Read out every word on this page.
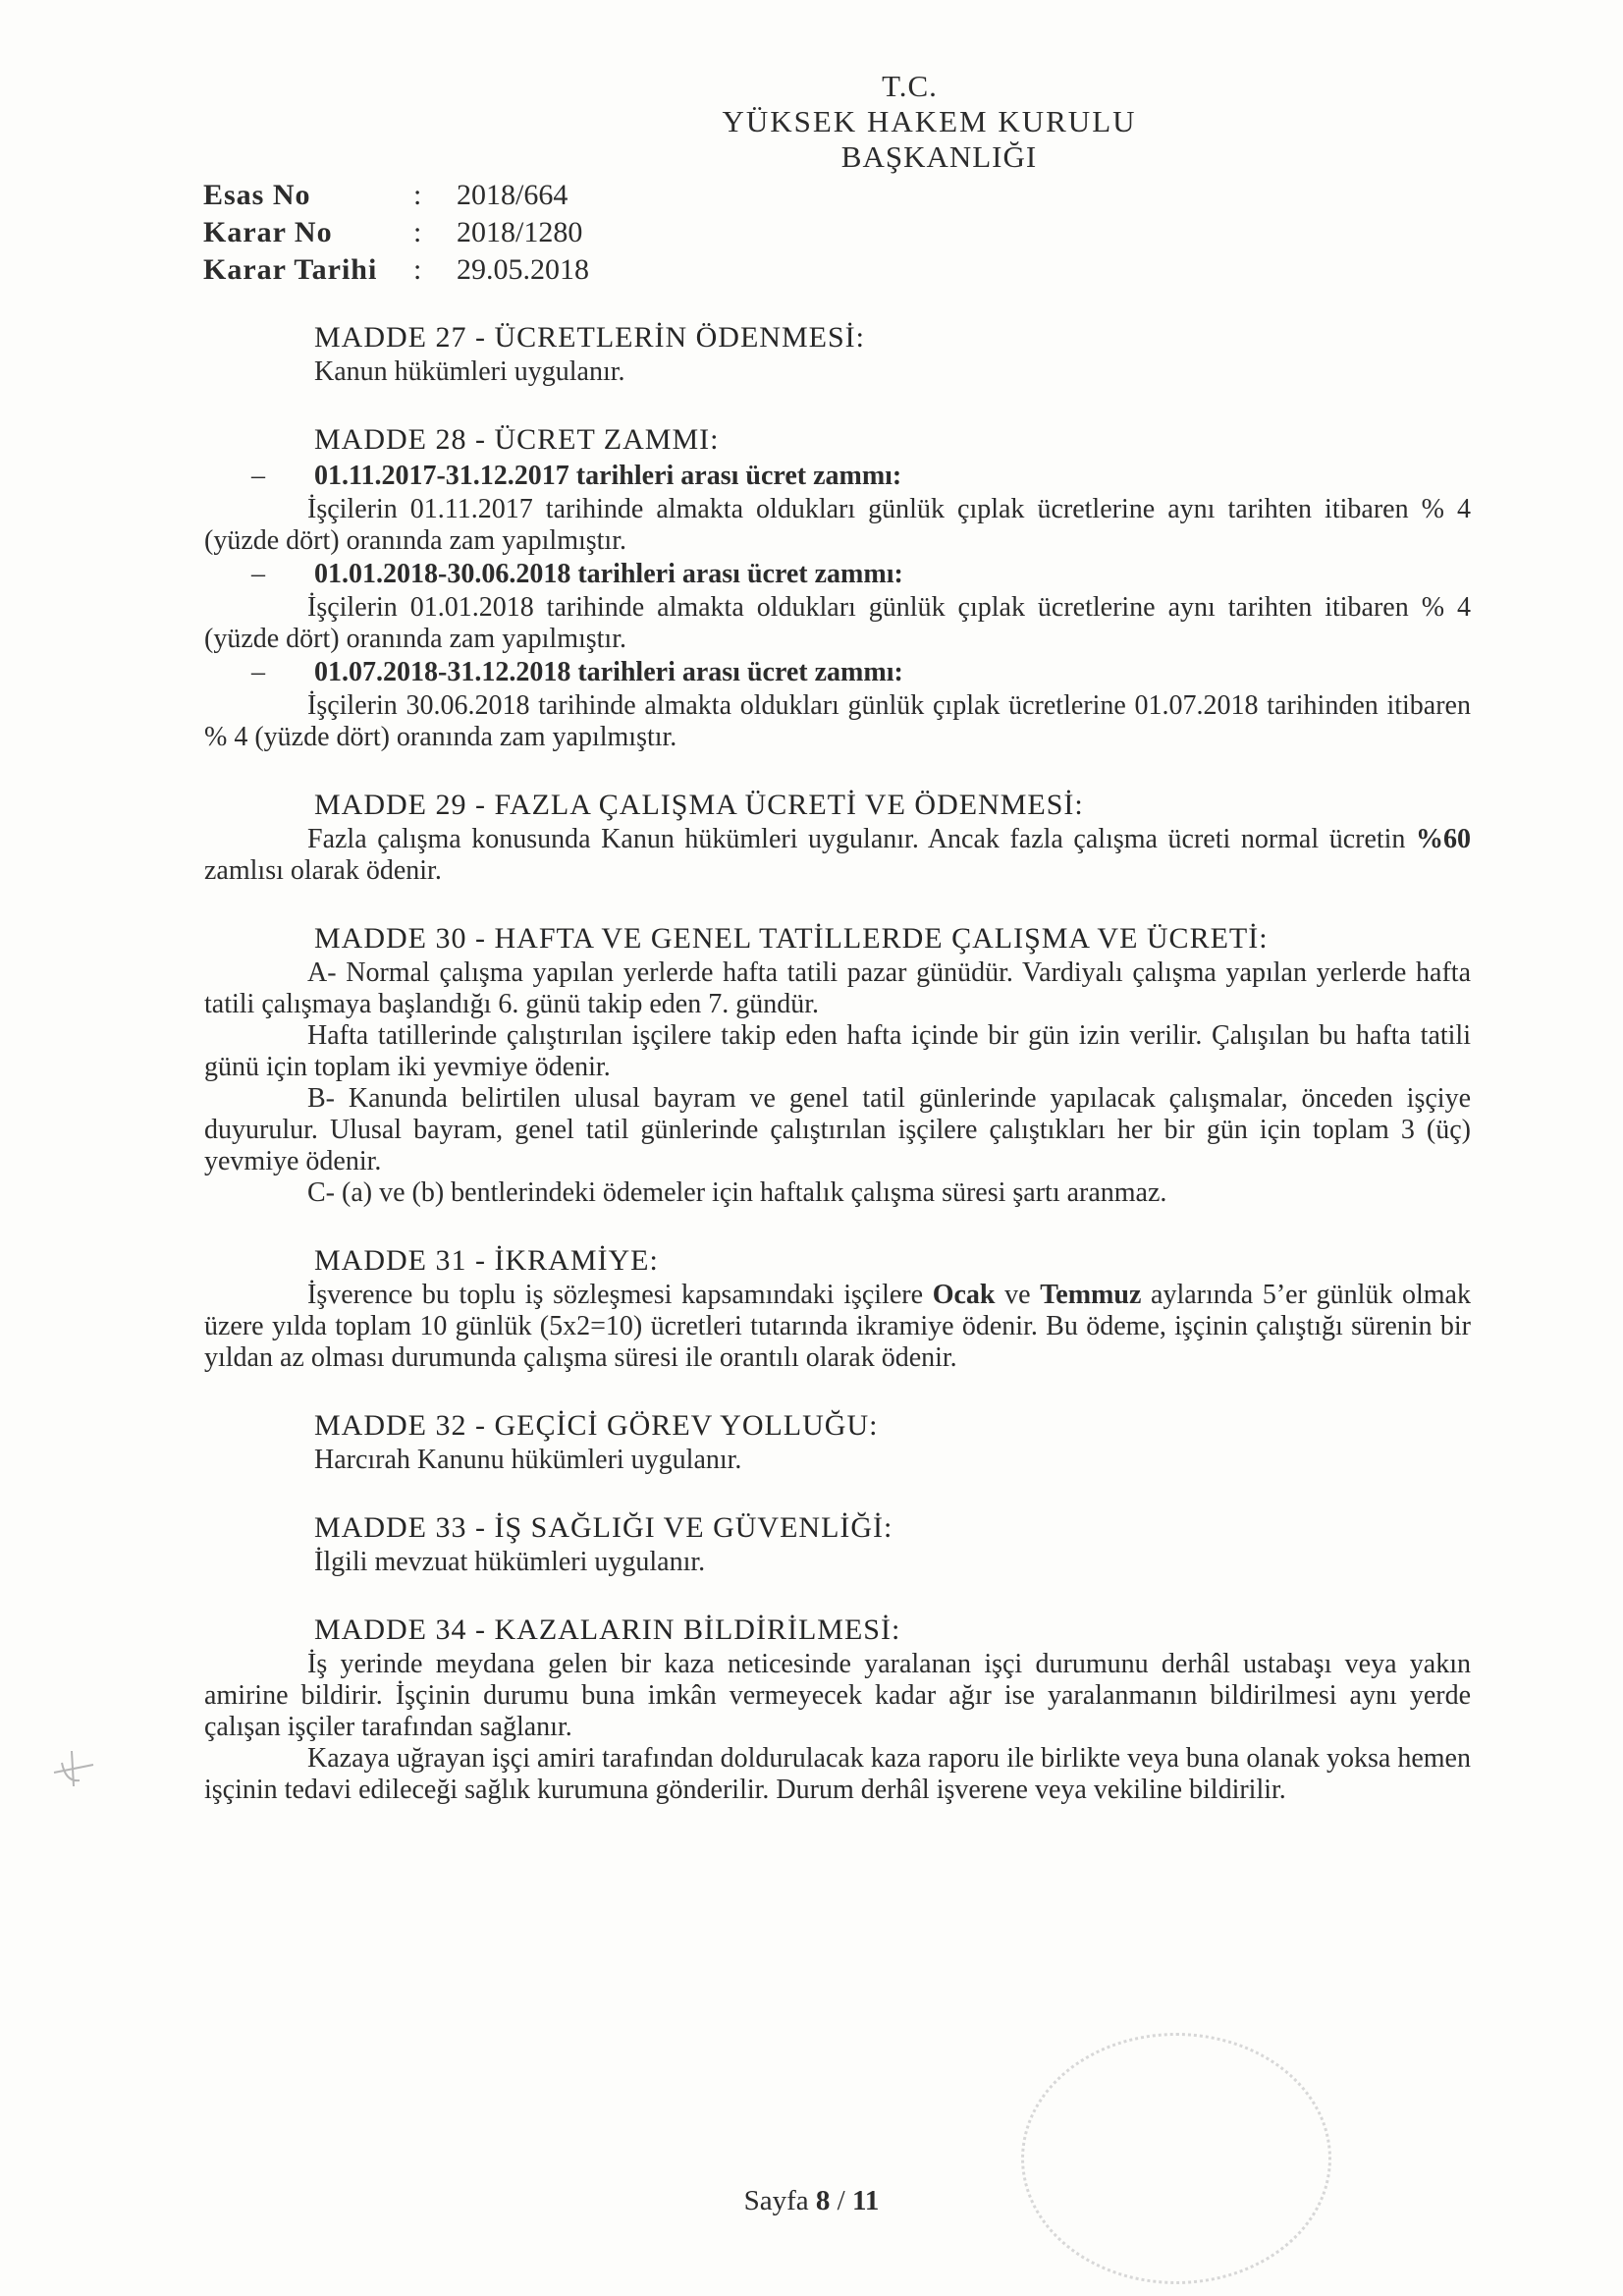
T.C.
YÜKSEK HAKEM KURULU
BAŞKANLIĞI
Esas No	:	2018/664
Karar No	:	2018/1280
Karar Tarihi	:	29.05.2018
MADDE 27 - ÜCRETLERİN ÖDENMESİ:
Kanun hükümleri uygulanır.
MADDE 28 - ÜCRET ZAMMI:
– 01.11.2017-31.12.2017 tarihleri arası ücret zammı:
İşçilerin 01.11.2017 tarihinde almakta oldukları günlük çıplak ücretlerine aynı tarihten itibaren % 4 (yüzde dört) oranında zam yapılmıştır.
– 01.01.2018-30.06.2018 tarihleri arası ücret zammı:
İşçilerin 01.01.2018 tarihinde almakta oldukları günlük çıplak ücretlerine aynı tarihten itibaren % 4 (yüzde dört) oranında zam yapılmıştır.
– 01.07.2018-31.12.2018 tarihleri arası ücret zammı:
İşçilerin 30.06.2018 tarihinde almakta oldukları günlük çıplak ücretlerine 01.07.2018 tarihinden itibaren % 4 (yüzde dört) oranında zam yapılmıştır.
MADDE 29 - FAZLA ÇALIŞMA ÜCRETİ VE ÖDENMESİ:
Fazla çalışma konusunda Kanun hükümleri uygulanır. Ancak fazla çalışma ücreti normal ücretin %60 zamlısı olarak ödenir.
MADDE 30 - HAFTA VE GENEL TATİLLERDE ÇALIŞMA VE ÜCRETİ:
A- Normal çalışma yapılan yerlerde hafta tatili pazar günüdür. Vardiyalı çalışma yapılan yerlerde hafta tatili çalışmaya başlandığı 6. günü takip eden 7. gündür.
Hafta tatillerinde çalıştırılan işçilere takip eden hafta içinde bir gün izin verilir. Çalışılan bu hafta tatili günü için toplam iki yevmiye ödenir.
B- Kanunda belirtilen ulusal bayram ve genel tatil günlerinde yapılacak çalışmalar, önceden işçiye duyurulur. Ulusal bayram, genel tatil günlerinde çalıştırılan işçilere çalıştıkları her bir gün için toplam 3 (üç) yevmiye ödenir.
C- (a) ve (b) bentlerindeki ödemeler için haftalık çalışma süresi şartı aranmaz.
MADDE 31 - İKRAMİYE:
İşverence bu toplu iş sözleşmesi kapsamındaki işçilere Ocak ve Temmuz aylarında 5’er günlük olmak üzere yılda toplam 10 günlük (5x2=10) ücretleri tutarında ikramiye ödenir. Bu ödeme, işçinin çalıştığı sürenin bir yıldan az olması durumunda çalışma süresi ile orantılı olarak ödenir.
MADDE 32 - GEÇİCİ GÖREV YOLLUĞU:
Harcırah Kanunu hükümleri uygulanır.
MADDE 33 - İŞ SAĞLIĞI VE GÜVENLİĞİ:
İlgili mevzuat hükümleri uygulanır.
MADDE 34 - KAZALARIN BİLDİRİLMESİ:
İş yerinde meydana gelen bir kaza neticesinde yaralanan işçi durumunu derhâl ustabaşı veya yakın amirine bildirir. İşçinin durumu buna imkân vermeyecek kadar ağır ise yaralanmanın bildirilmesi aynı yerde çalışan işçiler tarafından sağlanır.
Kazaya uğrayan işçi amiri tarafından doldurulacak kaza raporu ile birlikte veya buna olanak yoksa hemen işçinin tedavi edileceği sağlık kurumuna gönderilir. Durum derhâl işverene veya vekiline bildirilir.
Sayfa 8 / 11
